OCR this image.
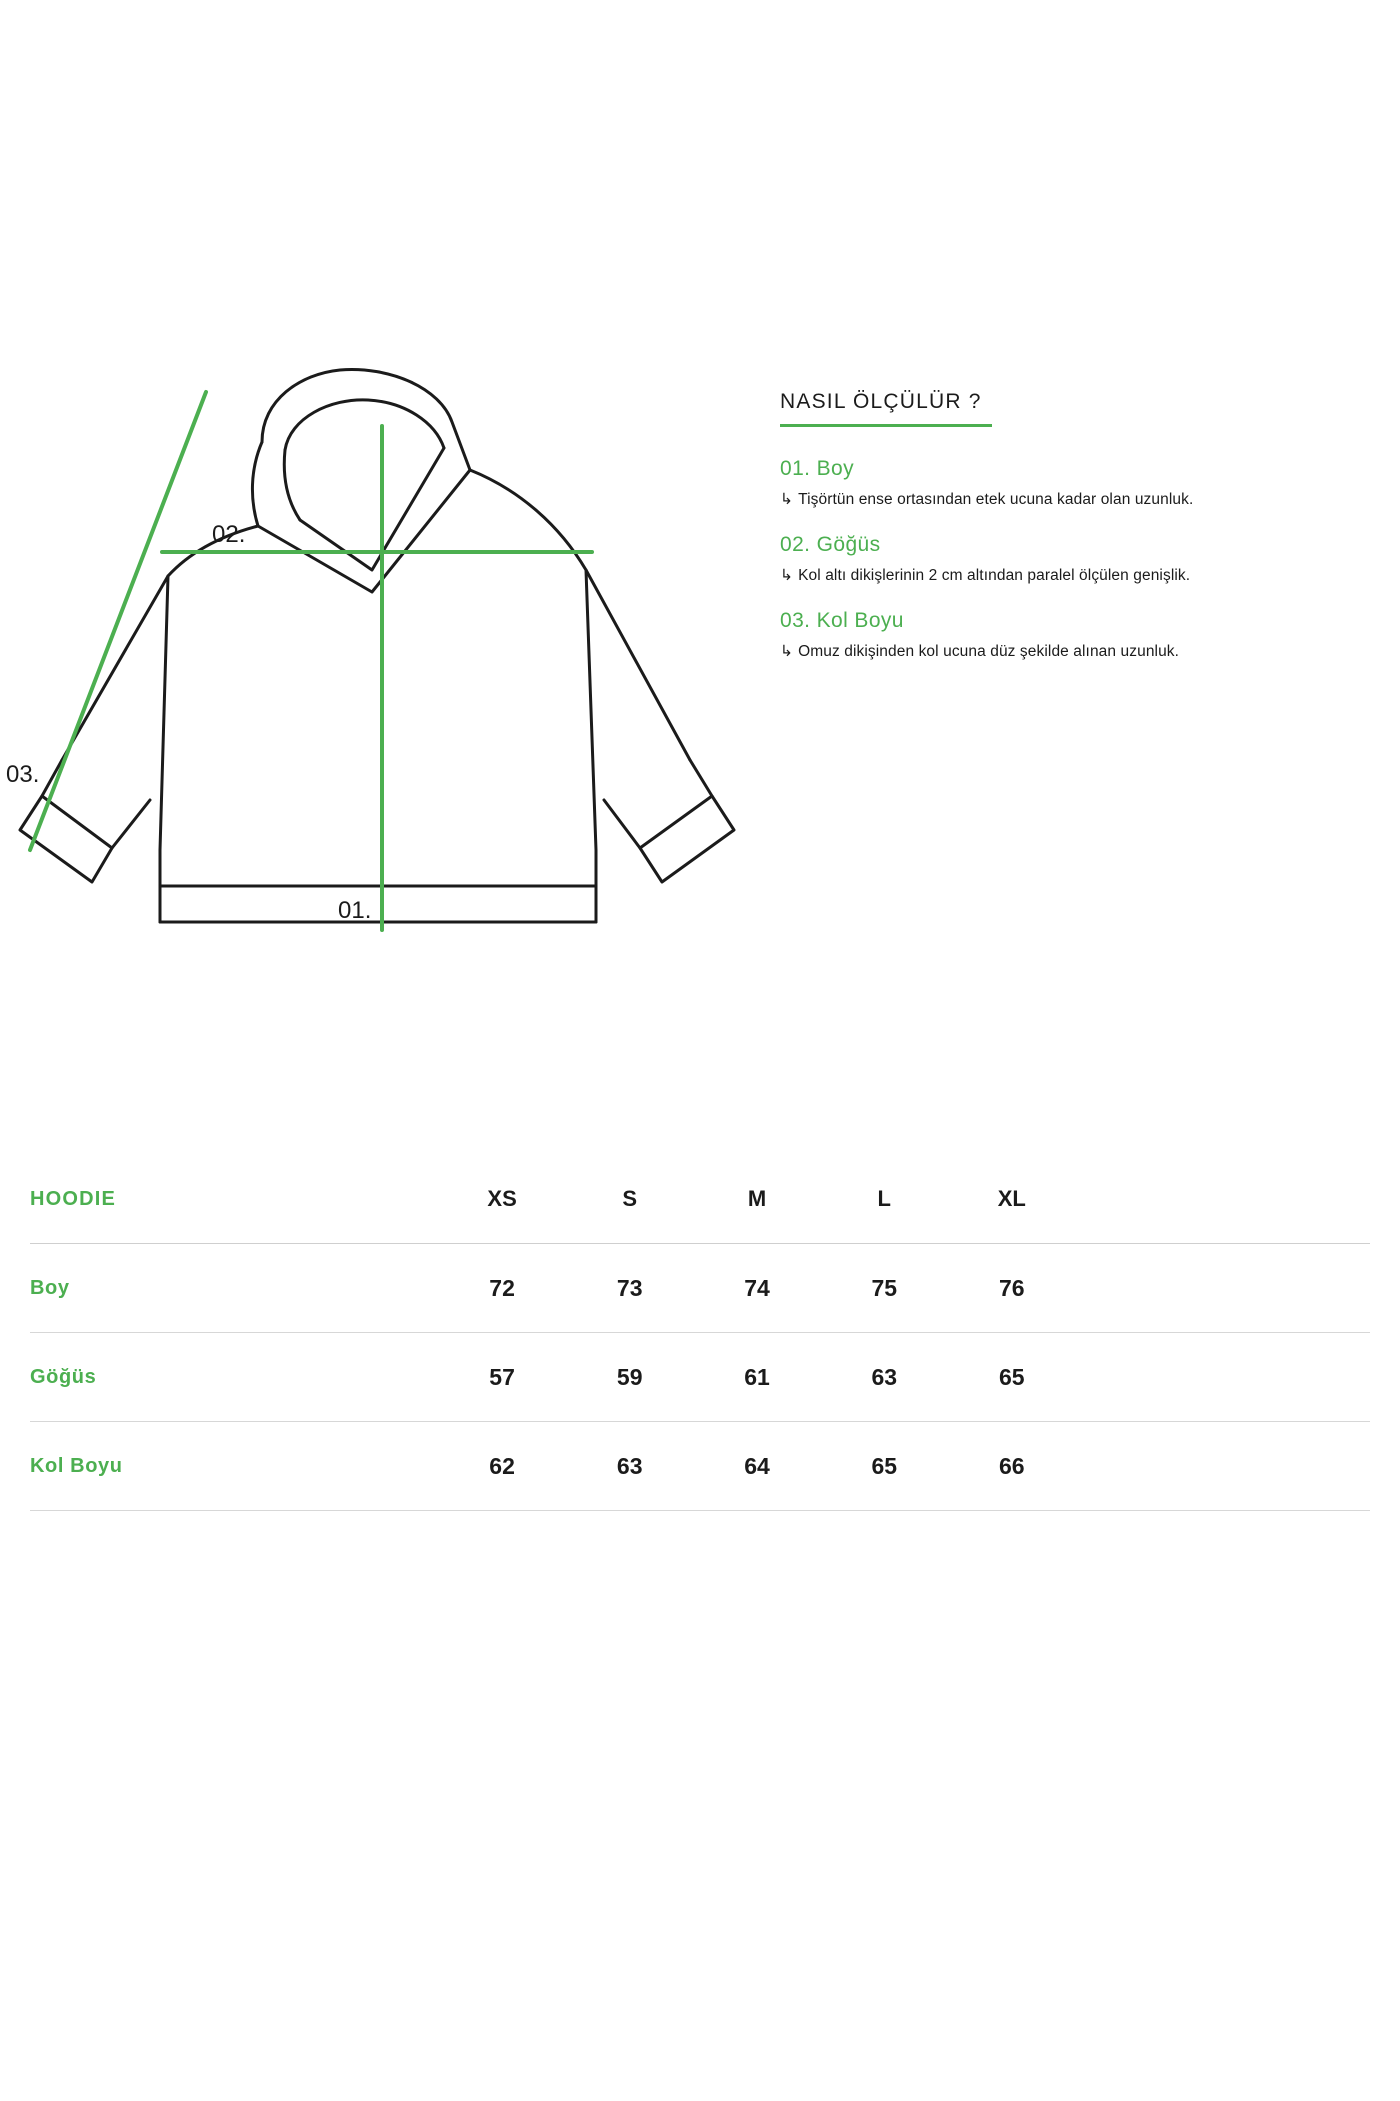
02.
01.
03.
NASIL ÖLÇÜLÜR ?
01. Boy

↳ Tişörtün ense ortasından etek ucuna kadar olan uzunluk.

02. Göğüs

↳ Kol altı dikişlerinin 2 cm altından paralel ölçülen genişlik.

03. Kol Boyu

↳ Omuz dikişinden kol ucuna düz şekilde alınan uzunluk.

HOODIE	XS	S	M	L	XL	
Boy	72	73	74	75	76	
Göğüs	57	59	61	63	65	
Kol Boyu	62	63	64	65	66	
